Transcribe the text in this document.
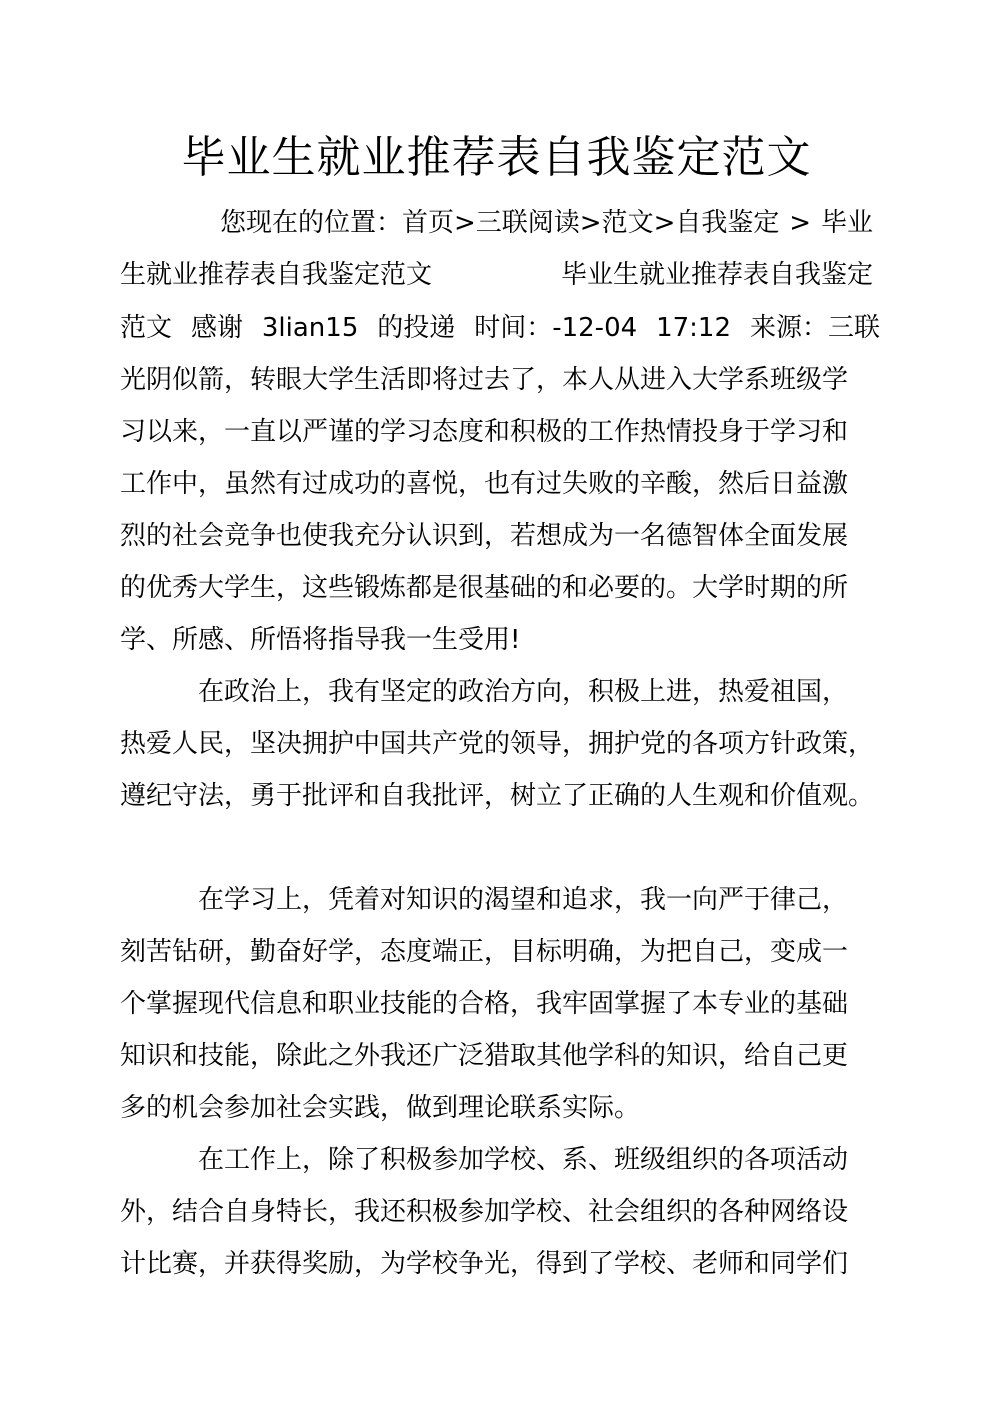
毕业生就业推荐表自我鉴定范文
您现在的位置：首页>三联阅读>范文>自我鉴定 > 毕业
生就业推荐表自我鉴定范文	毕业生就业推荐表自我鉴定
范文 感谢 3lian15 的投递 时间：-12-04 17:12 来源：三联
光阴似箭，转眼大学生活即将过去了，本人从进入大学系班级学
习以来，一直以严谨的学习态度和积极的工作热情投身于学习和
工作中，虽然有过成功的喜悦，也有过失败的辛酸，然后日益激
烈的社会竞争也使我充分认识到，若想成为一名德智体全面发展
的优秀大学生，这些锻炼都是很基础的和必要的。大学时期的所
学、所感、所悟将指导我一生受用!
在政治上，我有坚定的政治方向，积极上进，热爱祖国，
热爱人民，坚决拥护中国共产党的领导，拥护党的各项方针政策，
遵纪守法，勇于批评和自我批评，树立了正确的人生观和价值观。
在学习上，凭着对知识的渴望和追求，我一向严于律己，
刻苦钻研，勤奋好学，态度端正，目标明确，为把自己，变成一
个掌握现代信息和职业技能的合格，我牢固掌握了本专业的基础
知识和技能，除此之外我还广泛猎取其他学科的知识，给自己更
多的机会参加社会实践，做到理论联系实际。
在工作上，除了积极参加学校、系、班级组织的各项活动
外，结合自身特长，我还积极参加学校、社会组织的各种网络设
计比赛，并获得奖励，为学校争光，得到了学校、老师和同学们
